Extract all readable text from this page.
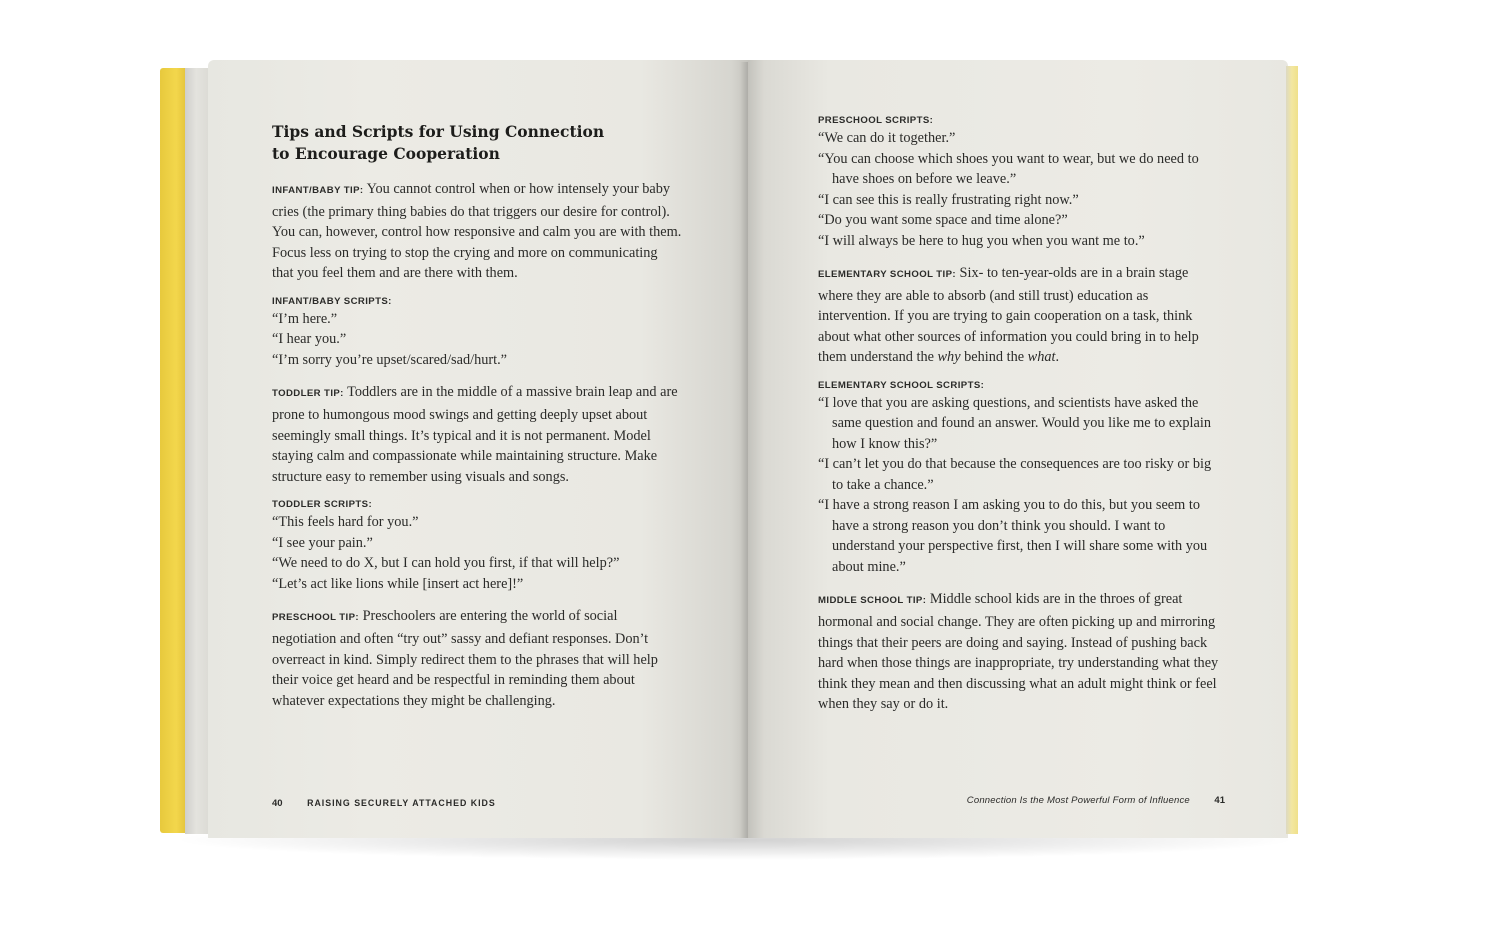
Tips and Scripts for Using Connection to Encourage Cooperation

INFANT/BABY TIP: You cannot control when or how intensely your baby cries (the primary thing babies do that triggers our desire for control). You can, however, control how responsive and calm you are with them. Focus less on trying to stop the crying and more on communicating that you feel them and are there with them.

INFANT/BABY SCRIPTS:

“I’m here.”

“I hear you.”

“I’m sorry you’re upset/scared/sad/hurt.”

TODDLER TIP: Toddlers are in the middle of a massive brain leap and are prone to humongous mood swings and getting deeply upset about seemingly small things. It’s typical and it is not permanent. Model staying calm and compassionate while maintaining structure. Make structure easy to remember using visuals and songs.

TODDLER SCRIPTS:

“This feels hard for you.”

“I see your pain.”

“We need to do X, but I can hold you first, if that will help?”

“Let’s act like lions while [insert act here]!”

PRESCHOOL TIP: Preschoolers are entering the world of social negotiation and often “try out” sassy and defiant responses. Don’t overreact in kind. Simply redirect them to the phrases that will help their voice get heard and be respectful in reminding them about whatever expectations they might be challenging.

40	RAISING SECURELY ATTACHED KIDS
PRESCHOOL SCRIPTS:

“We can do it together.”

“You can choose which shoes you want to wear, but we do need to have shoes on before we leave.”

“I can see this is really frustrating right now.”

“Do you want some space and time alone?”

“I will always be here to hug you when you want me to.”

ELEMENTARY SCHOOL TIP: Six- to ten-year-olds are in a brain stage where they are able to absorb (and still trust) education as intervention. If you are trying to gain cooperation on a task, think about what other sources of information you could bring in to help them understand the why behind the what.

ELEMENTARY SCHOOL SCRIPTS:

“I love that you are asking questions, and scientists have asked the same question and found an answer. Would you like me to explain how I know this?”

“I can’t let you do that because the consequences are too risky or big to take a chance.”

“I have a strong reason I am asking you to do this, but you seem to have a strong reason you don’t think you should. I want to understand your perspective first, then I will share some with you about mine.”

MIDDLE SCHOOL TIP: Middle school kids are in the throes of great hormonal and social change. They are often picking up and mirroring things that their peers are doing and saying. Instead of pushing back hard when those things are inappropriate, try understanding what they think they mean and then discussing what an adult might think or feel when they say or do it.

Connection Is the Most Powerful Form of Influence	41
